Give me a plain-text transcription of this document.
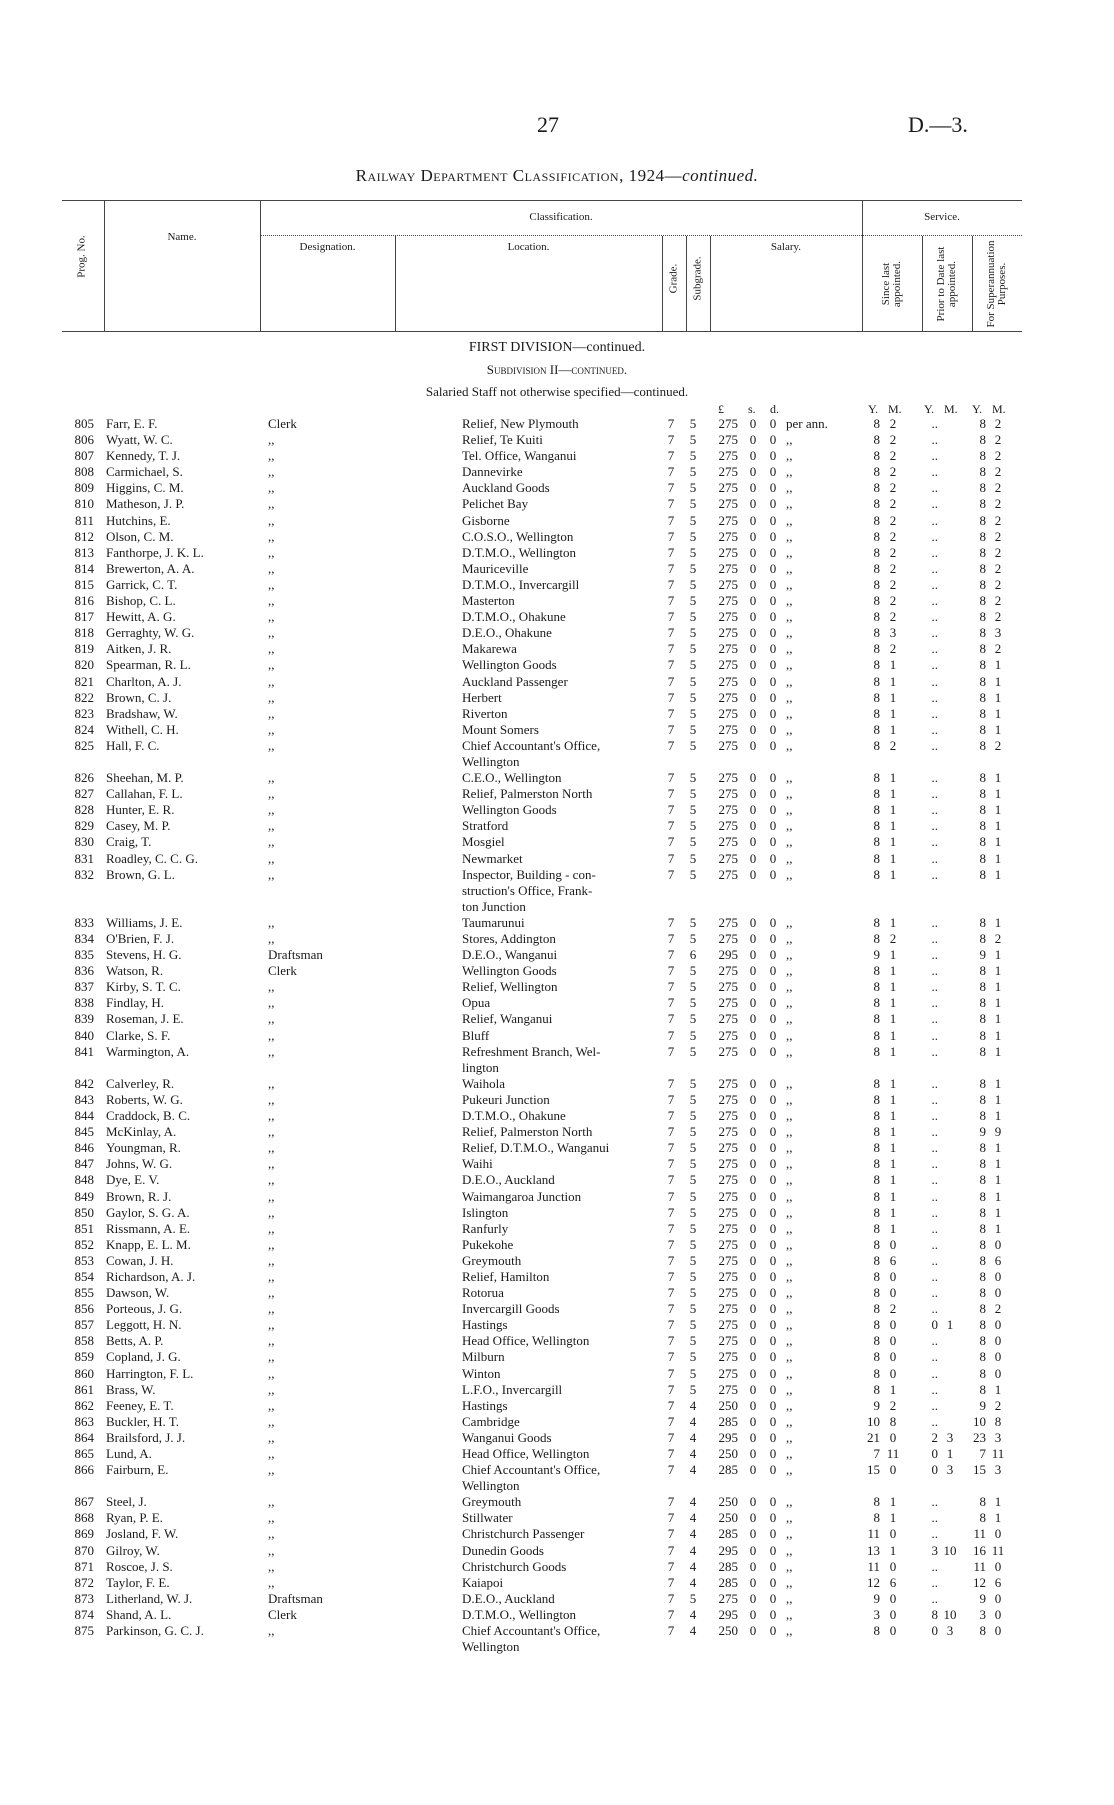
27	D.—3.
Railway Department Classification, 1924—continued.
Prog. No.	Name.
Classification.	Service.
Designation.	Location.
Grade. Subgrade.
Salary.
Since last appointed.	Prior to Date last appointed. For Superannuation Purposes.
FIRST DIVISION—continued.
Subdivision II—continued.
Salaried Staff not otherwise specified—continued.
£ s. d.	Y. M. Y. M. Y. M.
805 Farr, E. F.	Clerk	Relief, New Plymouth	7 5	275 0 0 per ann.	8 2	..	8 2
806 Wyatt, W. C.	,,	Relief, Te Kuiti	7 5	275 0 0 ,,	8 2	..	8 2
807 Kennedy, T. J.	,,	Tel. Office, Wanganui	7 5	275 0 0 ,,	8 2	..	8 2
808 Carmichael, S.	,,	Dannevirke	7 5	275 0 0 ,,	8 2	..	8 2
809 Higgins, C. M.	,,	Auckland Goods	7 5	275 0 0 ,,	8 2	..	8 2
810 Matheson, J. P.	,,	Pelichet Bay	7 5	275 0 0 ,,	8 2	..	8 2
811 Hutchins, E.	,,	Gisborne	7 5	275 0 0 ,,	8 2	..	8 2
812 Olson, C. M.	,,	C.O.S.O., Wellington	7 5	275 0 0 ,,	8 2	..	8 2
813 Fanthorpe, J. K. L.	,,	D.T.M.O., Wellington	7 5	275 0 0 ,,	8 2	..	8 2
814 Brewerton, A. A.	,,	Mauriceville	7 5	275 0 0 ,,	8 2	..	8 2
815 Garrick, C. T.	,,	D.T.M.O., Invercargill	7 5	275 0 0 ,,	8 2	..	8 2
816 Bishop, C. L.	,,	Masterton	7 5	275 0 0 ,,	8 2	..	8 2
817 Hewitt, A. G.	,,	D.T.M.O., Ohakune	7 5	275 0 0 ,,	8 2	..	8 2
818 Gerraghty, W. G.	,,	D.E.O., Ohakune	7 5	275 0 0 ,,	8 3	..	8 3
819 Aitken, J. R.	,,	Makarewa	7 5	275 0 0 ,,	8 2	..	8 2
820 Spearman, R. L.	,,	Wellington Goods	7 5	275 0 0 ,,	8 1	..	8 1
821 Charlton, A. J.	,,	Auckland Passenger	7 5	275 0 0 ,,	8 1	..	8 1
822 Brown, C. J.	,,	Herbert	7 5	275 0 0 ,,	8 1	..	8 1
823 Bradshaw, W.	,,	Riverton	7 5	275 0 0 ,,	8 1	..	8 1
824 Withell, C. H.	,,	Mount Somers	7 5	275 0 0 ,,	8 1	..	8 1
825 Hall, F. C.	,,	Chief Accountant's Office,	7 5	275 0 0 ,,	8 2	..	8 2
Wellington
826 Sheehan, M. P.	,,	C.E.O., Wellington	7 5	275 0 0 ,,	8 1	..	8 1
827 Callahan, F. L.	,,	Relief, Palmerston North	7 5	275 0 0 ,,	8 1	..	8 1
828 Hunter, E. R.	,,	Wellington Goods	7 5	275 0 0 ,,	8 1	..	8 1
829 Casey, M. P.	,,	Stratford	7 5	275 0 0 ,,	8 1	..	8 1
830 Craig, T.	,,	Mosgiel	7 5	275 0 0 ,,	8 1	..	8 1
831 Roadley, C. C. G.	,,	Newmarket	7 5	275 0 0 ,,	8 1	..	8 1
832 Brown, G. L.	,,	Inspector, Building - con-	7 5	275 0 0 ,,	8 1	..	8 1
struction's Office, Frank-
ton Junction
833 Williams, J. E.	,,	Taumarunui	7 5	275 0 0 ,,	8 1	..	8 1
834 O'Brien, F. J.	,,	Stores, Addington	7 5	275 0 0 ,,	8 2	..	8 2
835 Stevens, H. G.	Draftsman	D.E.O., Wanganui	7 6	295 0 0 ,,	9 1	..	9 1
836 Watson, R.	Clerk	Wellington Goods	7 5	275 0 0 ,,	8 1	..	8 1
837 Kirby, S. T. C.	,,	Relief, Wellington	7 5	275 0 0 ,,	8 1	..	8 1
838 Findlay, H.	,,	Opua	7 5	275 0 0 ,,	8 1	..	8 1
839 Roseman, J. E.	,,	Relief, Wanganui	7 5	275 0 0 ,,	8 1	..	8 1
840 Clarke, S. F.	,,	Bluff	7 5	275 0 0 ,,	8 1	..	8 1
841 Warmington, A.	,,	Refreshment Branch, Wel-	7 5	275 0 0 ,,	8 1	..	8 1
lington
842 Calverley, R.	,,	Waihola	7 5	275 0 0 ,,	8 1	..	8 1
843 Roberts, W. G.	,,	Pukeuri Junction	7 5	275 0 0 ,,	8 1	..	8 1
844 Craddock, B. C.	,,	D.T.M.O., Ohakune	7 5	275 0 0 ,,	8 1	..	8 1
845 McKinlay, A.	,,	Relief, Palmerston North	7 5	275 0 0 ,,	8 1	..	9 9
846 Youngman, R.	,,	Relief, D.T.M.O., Wanganui	7 5	275 0 0 ,,	8 1	..	8 1
847 Johns, W. G.	,,	Waihi	7 5	275 0 0 ,,	8 1	..	8 1
848 Dye, E. V.	,,	D.E.O., Auckland	7 5	275 0 0 ,,	8 1	..	8 1
849 Brown, R. J.	,,	Waimangaroa Junction	7 5	275 0 0 ,,	8 1	..	8 1
850 Gaylor, S. G. A.	,,	Islington	7 5	275 0 0 ,,	8 1	..	8 1
851 Rissmann, A. E.	,,	Ranfurly	7 5	275 0 0 ,,	8 1	..	8 1
852 Knapp, E. L. M.	,,	Pukekohe	7 5	275 0 0 ,,	8 0	..	8 0
853 Cowan, J. H.	,,	Greymouth	7 5	275 0 0 ,,	8 6	..	8 6
854 Richardson, A. J.	,,	Relief, Hamilton	7 5	275 0 0 ,,	8 0	..	8 0
855 Dawson, W.	,,	Rotorua	7 5	275 0 0 ,,	8 0	..	8 0
856 Porteous, J. G.	,,	Invercargill Goods	7 5	275 0 0 ,,	8 2	..	8 2
857 Leggott, H. N.	,,	Hastings	7 5	275 0 0 ,,	8 0	0 1	8 0
858 Betts, A. P.	,,	Head Office, Wellington	7 5	275 0 0 ,,	8 0	..	8 0
859 Copland, J. G.	,,	Milburn	7 5	275 0 0 ,,	8 0	..	8 0
860 Harrington, F. L.	,,	Winton	7 5	275 0 0 ,,	8 0	..	8 0
861 Brass, W.	,,	L.F.O., Invercargill	7 5	275 0 0 ,,	8 1	..	8 1
862 Feeney, E. T.	,,	Hastings	7 4	250 0 0 ,,	9 2	..	9 2
863 Buckler, H. T.	,,	Cambridge	7 4	285 0 0 ,,	10 8	..	10 8
864 Brailsford, J. J.	,,	Wanganui Goods	7 4	295 0 0 ,,	21 0	2 3	23 3
865 Lund, A.	,,	Head Office, Wellington	7 4	250 0 0 ,,	7 11	0 1	7 11
866 Fairburn, E.	,,	Chief Accountant's Office,	7 4	285 0 0 ,,	15 0	0 3	15 3
Wellington
867 Steel, J.	,,	Greymouth	7 4	250 0 0 ,,	8 1	..	8 1
868 Ryan, P. E.	,,	Stillwater	7 4	250 0 0 ,,	8 1	..	8 1
869 Josland, F. W.	,,	Christchurch Passenger	7 4	285 0 0 ,,	11 0	..	11 0
870 Gilroy, W.	,,	Dunedin Goods	7 4	295 0 0 ,,	13 1	3 10	16 11
871 Roscoe, J. S.	,,	Christchurch Goods	7 4	285 0 0 ,,	11 0	..	11 0
872 Taylor, F. E.	,,	Kaiapoi	7 4	285 0 0 ,,	12 6	..	12 6
873 Litherland, W. J.	Draftsman	D.E.O., Auckland	7 5	275 0 0 ,,	9 0	..	9 0
874 Shand, A. L.	Clerk	D.T.M.O., Wellington	7 4	295 0 0 ,,	3 0	8 10	3 0
875 Parkinson, G. C. J.	,,	Chief Accountant's Office,	7 4	250 0 0 ,,	8 0	0 3	8 0
Wellington
